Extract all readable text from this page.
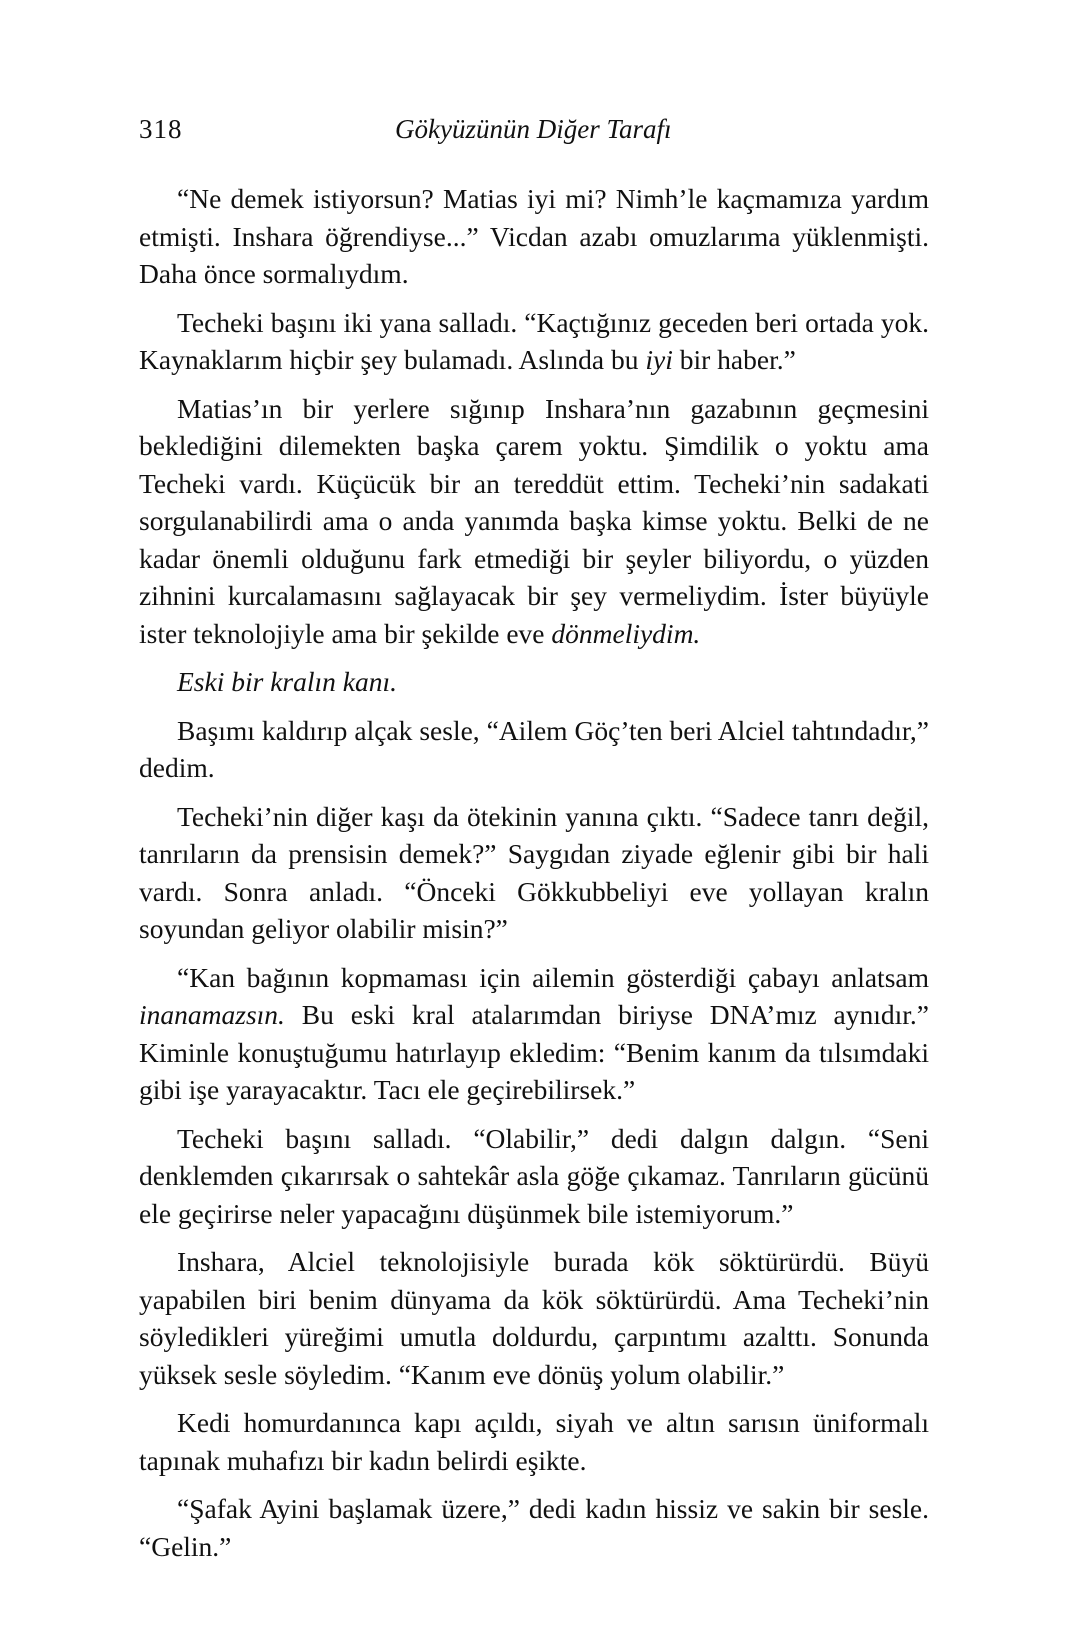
318	Gökyüzünün Diğer Tarafı

“Ne demek istiyorsun? Matias iyi mi? Nimh’le kaçmamıza yardım etmişti. Inshara öğrendiyse...” Vicdan azabı omuzlarıma yüklenmişti. Daha önce sormalıydım.

Techeki başını iki yana salladı. “Kaçtığınız geceden beri ortada yok. Kaynaklarım hiçbir şey bulamadı. Aslında bu iyi bir haber.”

Matias’ın bir yerlere sığınıp Inshara’nın gazabının geçmesini beklediğini dilemekten başka çarem yoktu. Şimdilik o yoktu ama Techeki vardı. Küçücük bir an tereddüt ettim. Techeki’nin sadakati sorgulanabilirdi ama o anda yanımda başka kimse yoktu. Belki de ne kadar önemli olduğunu fark etmediği bir şeyler biliyordu, o yüzden zihnini kurcalamasını sağlayacak bir şey vermeliydim. İster büyüyle ister teknolojiyle ama bir şekilde eve dönmeliydim.

Eski bir kralın kanı.

Başımı kaldırıp alçak sesle, “Ailem Göç’ten beri Alciel tahtındadır,” dedim.

Techeki’nin diğer kaşı da ötekinin yanına çıktı. “Sadece tanrı değil, tanrıların da prensisin demek?” Saygıdan ziyade eğlenir gibi bir hali vardı. Sonra anladı. “Önceki Gökkubbeliyi eve yollayan kralın soyundan geliyor olabilir misin?”

“Kan bağının kopmaması için ailemin gösterdiği çabayı anlatsam inanamazsın. Bu eski kral atalarımdan biriyse DNA’mız aynıdır.” Kiminle konuştuğumu hatırlayıp ekledim: “Benim kanım da tılsımdaki gibi işe yarayacaktır. Tacı ele geçirebilirsek.”

Techeki başını salladı. “Olabilir,” dedi dalgın dalgın. “Seni denklemden çıkarırsak o sahtekâr asla göğe çıkamaz. Tanrıların gücünü ele geçirirse neler yapacağını düşünmek bile istemiyorum.”

Inshara, Alciel teknolojisiyle burada kök söktürürdü. Büyü yapabilen biri benim dünyama da kök söktürürdü. Ama Techeki’nin söyledikleri yüreğimi umutla doldurdu, çarpıntımı azalttı. Sonunda yüksek sesle söyledim. “Kanım eve dönüş yolum olabilir.”

Kedi homurdanınca kapı açıldı, siyah ve altın sarısın üniformalı tapınak muhafızı bir kadın belirdi eşikte.

“Şafak Ayini başlamak üzere,” dedi kadın hissiz ve sakin bir sesle. “Gelin.”
